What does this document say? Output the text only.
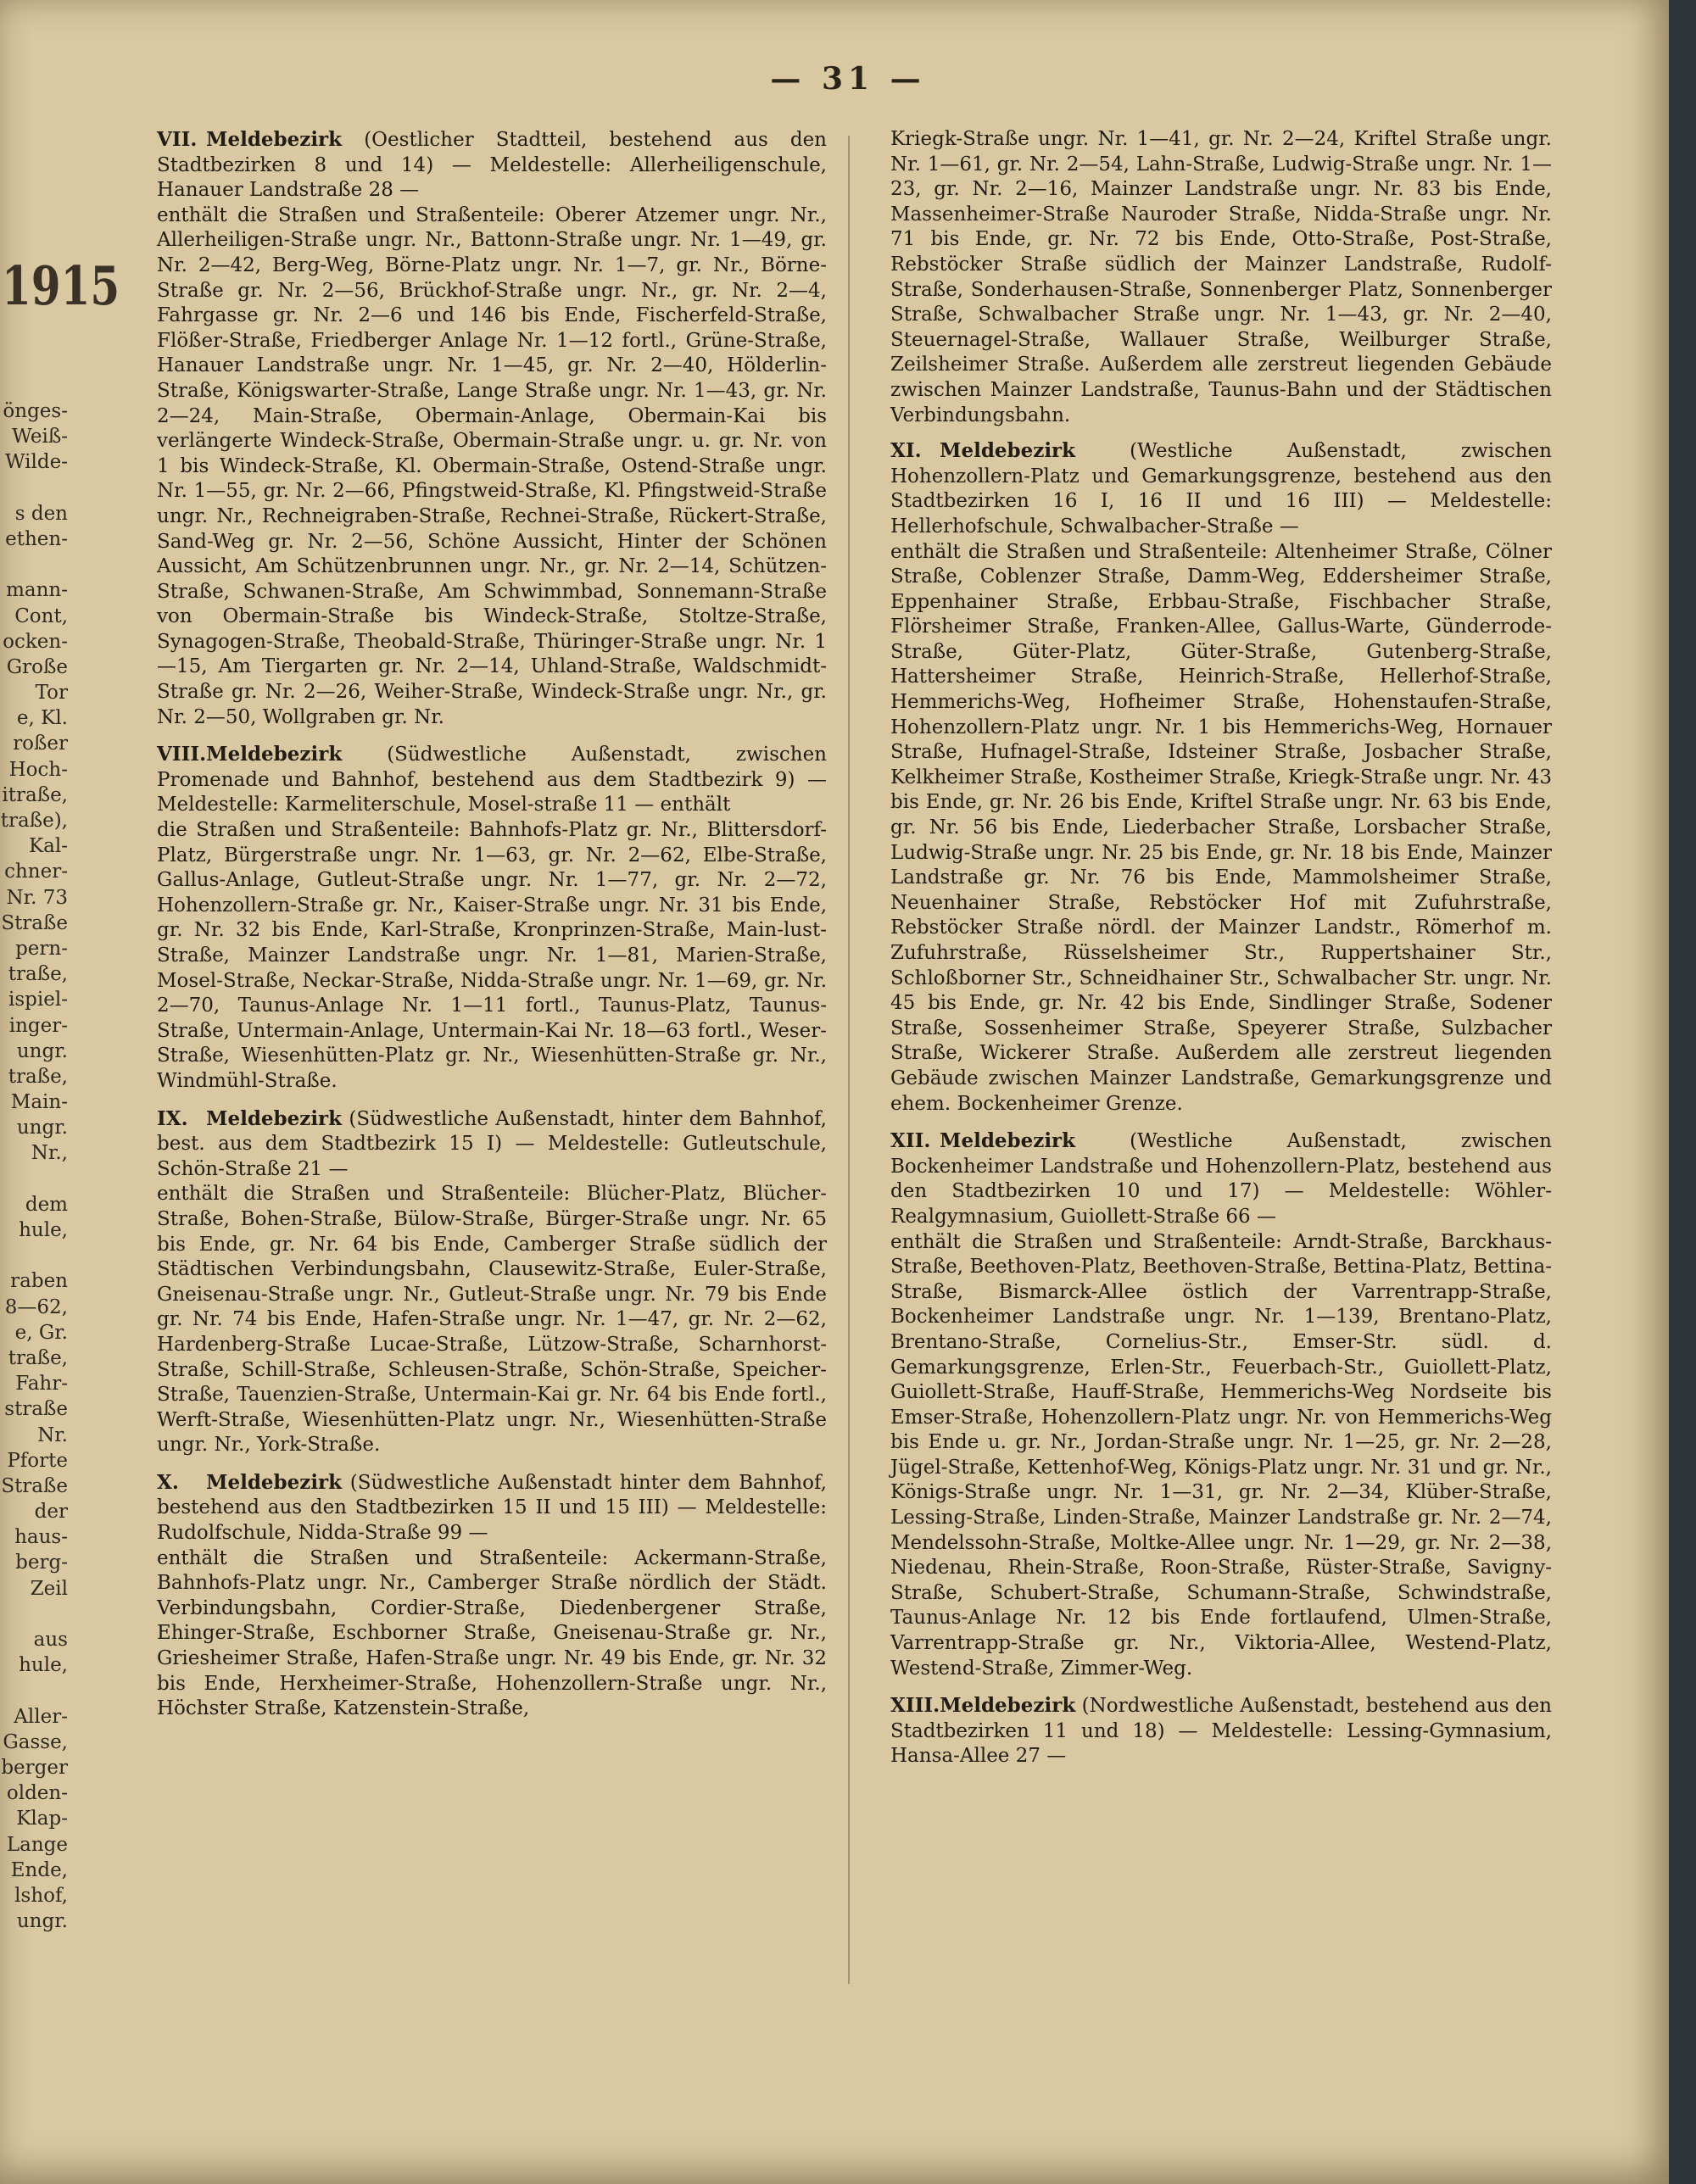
— 31 —
1915
önges-
Weiß-
Wilde-
s den
ethen-
mann-
Cont,
ocken-
Große
Tor
e, Kl.
roßer
Hoch-
itraße,
traße),
Kal-
chner-
Nr. 73
Straße
pern-
traße,
ispiel-
inger-
ungr.
traße,
Main-
ungr.
Nr.,
dem
hule,
raben
8—62,
e, Gr.
traße,
Fahr-
straße
Nr.
Pforte
Straße
der
haus-
berg-
Zeil
aus
hule,
Aller-
Gasse,
berger
olden-
Klap-
Lange
Ende,
lshof,
ungr.
VII. Meldebezirk (Oestlicher Stadtteil, bestehend aus den Stadtbezirken 8 und 14) — Meldestelle: Allerheiligenschule, Hanauer Landstraße 28 —
enthält die Straßen und Straßenteile: Oberer Atzemer ungr. Nr., Allerheiligen-Straße ungr. Nr., Battonn-Straße ungr. Nr. 1—49, gr. Nr. 2—42, Berg-Weg, Börne-Platz ungr. Nr. 1—7, gr. Nr., Börne-Straße gr. Nr. 2—56, Brückhof-Straße ungr. Nr., gr. Nr. 2—4, Fahrgasse gr. Nr. 2—6 und 146 bis Ende, Fischerfeld-Straße, Flößer-Straße, Friedberger Anlage Nr. 1—12 fortl., Grüne-Straße, Hanauer Landstraße ungr. Nr. 1—45, gr. Nr. 2—40, Hölderlin-Straße, Königswarter-Straße, Lange Straße ungr. Nr. 1—43, gr. Nr. 2—24, Main-Straße, Obermain-Anlage, Obermain-Kai bis verlängerte Windeck-Straße, Obermain-Straße ungr. u. gr. Nr. von 1 bis Windeck-Straße, Kl. Obermain-Straße, Ostend-Straße ungr. Nr. 1—55, gr. Nr. 2—66, Pfingstweid-Straße, Kl. Pfingstweid-Straße ungr. Nr., Rechneigraben-Straße, Rechnei-Straße, Rückert-Straße, Sand-Weg gr. Nr. 2—56, Schöne Aussicht, Hinter der Schönen Aussicht, Am Schützenbrunnen ungr. Nr., gr. Nr. 2—14, Schützen-Straße, Schwanen-Straße, Am Schwimmbad, Sonnemann-Straße von Obermain-Straße bis Windeck-Straße, Stoltze-Straße, Synagogen-Straße, Theobald-Straße, Thüringer-Straße ungr. Nr. 1—15, Am Tiergarten gr. Nr. 2—14, Uhland-Straße, Waldschmidt-Straße gr. Nr. 2—26, Weiher-Straße, Windeck-Straße ungr. Nr., gr. Nr. 2—50, Wollgraben gr. Nr.
VIII.Meldebezirk (Südwestliche Außenstadt, zwischen Promenade und Bahnhof, bestehend aus dem Stadtbezirk 9) — Meldestelle: Karmeliterschule, Mosel-straße 11 — enthält
die Straßen und Straßenteile: Bahnhofs-Platz gr. Nr., Blittersdorf-Platz, Bürgerstraße ungr. Nr. 1—63, gr. Nr. 2—62, Elbe-Straße, Gallus-Anlage, Gutleut-Straße ungr. Nr. 1—77, gr. Nr. 2—72, Hohenzollern-Straße gr. Nr., Kaiser-Straße ungr. Nr. 31 bis Ende, gr. Nr. 32 bis Ende, Karl-Straße, Kronprinzen-Straße, Main-lust-Straße, Mainzer Landstraße ungr. Nr. 1—81, Marien-Straße, Mosel-Straße, Neckar-Straße, Nidda-Straße ungr. Nr. 1—69, gr. Nr. 2—70, Taunus-Anlage Nr. 1—11 fortl., Taunus-Platz, Taunus-Straße, Untermain-Anlage, Untermain-Kai Nr. 18—63 fortl., Weser-Straße, Wiesenhütten-Platz gr. Nr., Wiesenhütten-Straße gr. Nr., Windmühl-Straße.
IX. Meldebezirk (Südwestliche Außenstadt, hinter dem Bahnhof, best. aus dem Stadtbezirk 15 I) — Meldestelle: Gutleutschule, Schön-Straße 21 —
enthält die Straßen und Straßenteile: Blücher-Platz, Blücher-Straße, Bohen-Straße, Bülow-Straße, Bürger-Straße ungr. Nr. 65 bis Ende, gr. Nr. 64 bis Ende, Camberger Straße südlich der Städtischen Verbindungsbahn, Clausewitz-Straße, Euler-Straße, Gneisenau-Straße ungr. Nr., Gutleut-Straße ungr. Nr. 79 bis Ende gr. Nr. 74 bis Ende, Hafen-Straße ungr. Nr. 1—47, gr. Nr. 2—62, Hardenberg-Straße Lucae-Straße, Lützow-Straße, Scharnhorst-Straße, Schill-Straße, Schleusen-Straße, Schön-Straße, Speicher-Straße, Tauenzien-Straße, Untermain-Kai gr. Nr. 64 bis Ende fortl., Werft-Straße, Wiesenhütten-Platz ungr. Nr., Wiesenhütten-Straße ungr. Nr., York-Straße.
X. Meldebezirk (Südwestliche Außenstadt hinter dem Bahnhof, bestehend aus den Stadtbezirken 15 II und 15 III) — Meldestelle: Rudolfschule, Nidda-Straße 99 —
enthält die Straßen und Straßenteile: Ackermann-Straße, Bahnhofs-Platz ungr. Nr., Camberger Straße nördlich der Städt. Verbindungsbahn, Cordier-Straße, Diedenbergener Straße, Ehinger-Straße, Eschborner Straße, Gneisenau-Straße gr. Nr., Griesheimer Straße, Hafen-Straße ungr. Nr. 49 bis Ende, gr. Nr. 32 bis Ende, Herxheimer-Straße, Hohenzollern-Straße ungr. Nr., Höchster Straße, Katzenstein-Straße,
Kriegk-Straße ungr. Nr. 1—41, gr. Nr. 2—24, Kriftel Straße ungr. Nr. 1—61, gr. Nr. 2—54, Lahn-Straße, Ludwig-Straße ungr. Nr. 1—23, gr. Nr. 2—16, Mainzer Landstraße ungr. Nr. 83 bis Ende, Massenheimer-Straße Nauroder Straße, Nidda-Straße ungr. Nr. 71 bis Ende, gr. Nr. 72 bis Ende, Otto-Straße, Post-Straße, Rebstöcker Straße südlich der Mainzer Landstraße, Rudolf-Straße, Sonderhausen-Straße, Sonnenberger Platz, Sonnenberger Straße, Schwalbacher Straße ungr. Nr. 1—43, gr. Nr. 2—40, Steuernagel-Straße, Wallauer Straße, Weilburger Straße, Zeilsheimer Straße. Außerdem alle zerstreut liegenden Gebäude zwischen Mainzer Landstraße, Taunus-Bahn und der Städtischen Verbindungsbahn.
XI. Meldebezirk (Westliche Außenstadt, zwischen Hohenzollern-Platz und Gemarkungsgrenze, bestehend aus den Stadtbezirken 16 I, 16 II und 16 III) — Meldestelle: Hellerhofschule, Schwalbacher-Straße —
enthält die Straßen und Straßenteile: Altenheimer Straße, Cölner Straße, Coblenzer Straße, Damm-Weg, Eddersheimer Straße, Eppenhainer Straße, Erbbau-Straße, Fischbacher Straße, Flörsheimer Straße, Franken-Allee, Gallus-Warte, Günderrode-Straße, Güter-Platz, Güter-Straße, Gutenberg-Straße, Hattersheimer Straße, Heinrich-Straße, Hellerhof-Straße, Hemmerichs-Weg, Hofheimer Straße, Hohenstaufen-Straße, Hohenzollern-Platz ungr. Nr. 1 bis Hemmerichs-Weg, Hornauer Straße, Hufnagel-Straße, Idsteiner Straße, Josbacher Straße, Kelkheimer Straße, Kostheimer Straße, Kriegk-Straße ungr. Nr. 43 bis Ende, gr. Nr. 26 bis Ende, Kriftel Straße ungr. Nr. 63 bis Ende, gr. Nr. 56 bis Ende, Liederbacher Straße, Lorsbacher Straße, Ludwig-Straße ungr. Nr. 25 bis Ende, gr. Nr. 18 bis Ende, Mainzer Landstraße gr. Nr. 76 bis Ende, Mammolsheimer Straße, Neuenhainer Straße, Rebstöcker Hof mit Zufuhrstraße, Rebstöcker Straße nördl. der Mainzer Landstr., Römerhof m. Zufuhrstraße, Rüsselsheimer Str., Ruppertshainer Str., Schloßborner Str., Schneidhainer Str., Schwalbacher Str. ungr. Nr. 45 bis Ende, gr. Nr. 42 bis Ende, Sindlinger Straße, Sodener Straße, Sossenheimer Straße, Speyerer Straße, Sulzbacher Straße, Wickerer Straße. Außerdem alle zerstreut liegenden Gebäude zwischen Mainzer Landstraße, Gemarkungsgrenze und ehem. Bockenheimer Grenze.
XII. Meldebezirk (Westliche Außenstadt, zwischen Bockenheimer Landstraße und Hohenzollern-Platz, bestehend aus den Stadtbezirken 10 und 17) — Meldestelle: Wöhler-Realgymnasium, Guiollett-Straße 66 —
enthält die Straßen und Straßenteile: Arndt-Straße, Barckhaus-Straße, Beethoven-Platz, Beethoven-Straße, Bettina-Platz, Bettina-Straße, Bismarck-Allee östlich der Varrentrapp-Straße, Bockenheimer Landstraße ungr. Nr. 1—139, Brentano-Platz, Brentano-Straße, Cornelius-Str., Emser-Str. südl. d. Gemarkungsgrenze, Erlen-Str., Feuerbach-Str., Guiollett-Platz, Guiollett-Straße, Hauff-Straße, Hemmerichs-Weg Nordseite bis Emser-Straße, Hohenzollern-Platz ungr. Nr. von Hemmerichs-Weg bis Ende u. gr. Nr., Jordan-Straße ungr. Nr. 1—25, gr. Nr. 2—28, Jügel-Straße, Kettenhof-Weg, Königs-Platz ungr. Nr. 31 und gr. Nr., Königs-Straße ungr. Nr. 1—31, gr. Nr. 2—34, Klüber-Straße, Lessing-Straße, Linden-Straße, Mainzer Landstraße gr. Nr. 2—74, Mendelssohn-Straße, Moltke-Allee ungr. Nr. 1—29, gr. Nr. 2—38, Niedenau, Rhein-Straße, Roon-Straße, Rüster-Straße, Savigny-Straße, Schubert-Straße, Schumann-Straße, Schwindstraße, Taunus-Anlage Nr. 12 bis Ende fortlaufend, Ulmen-Straße, Varrentrapp-Straße gr. Nr., Viktoria-Allee, Westend-Platz, Westend-Straße, Zimmer-Weg.
XIII.Meldebezirk (Nordwestliche Außenstadt, bestehend aus den Stadtbezirken 11 und 18) — Meldestelle: Lessing-Gymnasium, Hansa-Allee 27 —
